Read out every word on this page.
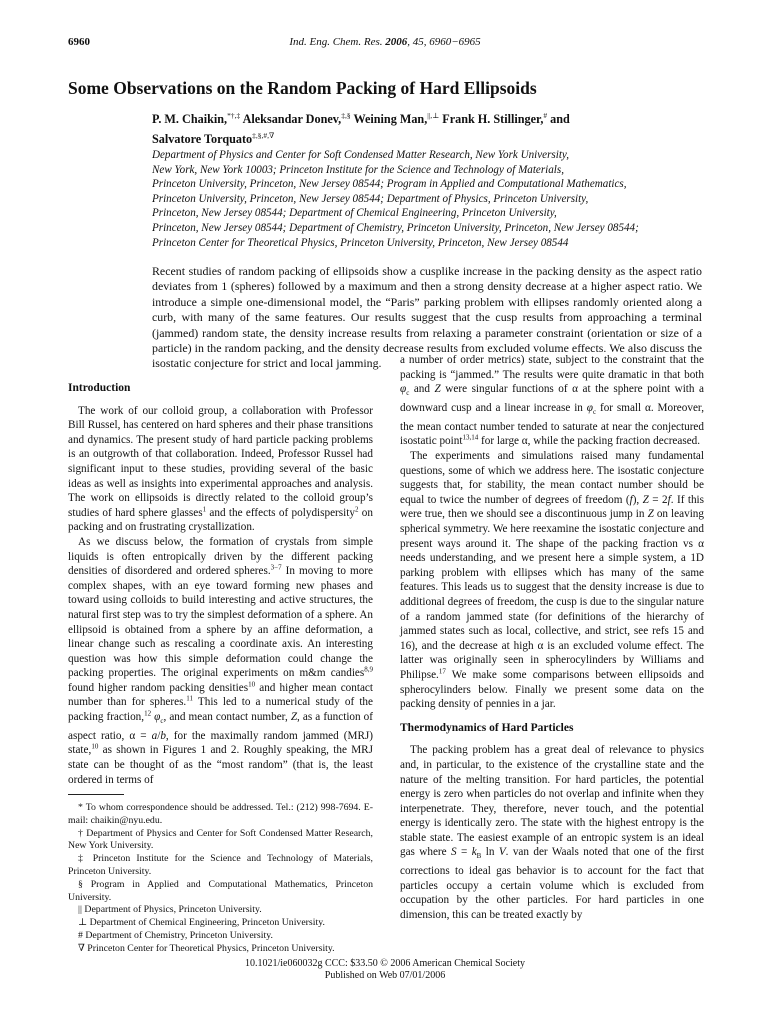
6960	Ind. Eng. Chem. Res. 2006, 45, 6960−6965
Some Observations on the Random Packing of Hard Ellipsoids
P. M. Chaikin,*†,‡ Aleksandar Donev,‡,§ Weining Man,||,⊥ Frank H. Stillinger,# and
Salvatore Torquato‡,§,#,∇
Department of Physics and Center for Soft Condensed Matter Research, New York University,
New York, New York 10003; Princeton Institute for the Science and Technology of Materials,
Princeton University, Princeton, New Jersey 08544; Program in Applied and Computational Mathematics,
Princeton University, Princeton, New Jersey 08544; Department of Physics, Princeton University,
Princeton, New Jersey 08544; Department of Chemical Engineering, Princeton University,
Princeton, New Jersey 08544; Department of Chemistry, Princeton University, Princeton, New Jersey 08544;
Princeton Center for Theoretical Physics, Princeton University, Princeton, New Jersey 08544
Recent studies of random packing of ellipsoids show a cusplike increase in the packing density as the aspect ratio deviates from 1 (spheres) followed by a maximum and then a strong density decrease at a higher aspect ratio. We introduce a simple one-dimensional model, the “Paris” parking problem with ellipses randomly oriented along a curb, with many of the same features. Our results suggest that the cusp results from approaching a terminal (jammed) random state, the density increase results from relaxing a parameter constraint (orientation or size of a particle) in the random packing, and the density decrease results from excluded volume effects. We also discuss the isostatic conjecture for strict and local jamming.
Introduction

The work of our colloid group, a collaboration with Professor Bill Russel, has centered on hard spheres and their phase transitions and dynamics. The present study of hard particle packing problems is an outgrowth of that collaboration. Indeed, Professor Russel had significant input to these studies, providing several of the basic ideas as well as insights into experimental approaches and analysis. The work on ellipsoids is directly related to the colloid group’s studies of hard sphere glasses$^1$ and the effects of polydispersity$^2$ on packing and on frustrating crystallization.

As we discuss below, the formation of crystals from simple liquids is often entropically driven by the different packing densities of disordered and ordered spheres.$^{3-7}$ In moving to more complex shapes, with an eye toward forming new phases and toward using colloids to build interesting and active structures, the natural first step was to try the simplest deformation of a sphere. An ellipsoid is obtained from a sphere by an affine deformation, a linear change such as rescaling a coordinate axis. An interesting question was how this simple deformation could change the packing properties. The original experiments on m&m candies$^{8,9}$ found higher random packing densities$^{10}$ and higher mean contact number than for spheres.$^{11}$ This led to a numerical study of the packing fraction,$^{12}$ $\varphi_c$, and mean contact number, Z, as a function of aspect ratio, α = a/b, for the maximally random jammed (MRJ) state,$^{10}$ as shown in Figures 1 and 2. Roughly speaking, the MRJ state can be thought of as the “most random” (that is, the least ordered in terms of

a number of order metrics) state, subject to the constraint that the packing is “jammed.” The results were quite dramatic in that both $\varphi_c$ and Z were singular functions of α at the sphere point with a downward cusp and a linear increase in $\varphi_c$ for small α. Moreover, the mean contact number tended to saturate at near the conjectured isostatic point$^{13,14}$ for large α, while the packing fraction decreased.

The experiments and simulations raised many fundamental questions, some of which we address here. The isostatic conjecture suggests that, for stability, the mean contact number should be equal to twice the number of degrees of freedom (f), Z = 2f. If this were true, then we should see a discontinuous jump in Z on leaving spherical symmetry. We here reexamine the isostatic conjecture and present ways around it. The shape of the packing fraction vs α needs understanding, and we present here a simple system, a 1D parking problem with ellipses which has many of the same features. This leads us to suggest that the density increase is due to additional degrees of freedom, the cusp is due to the singular nature of a random jammed state (for definitions of the hierarchy of jammed states such as local, collective, and strict, see refs 15 and 16), and the decrease at high α is an excluded volume effect. The latter was originally seen in spherocylinders by Williams and Philipse.$^{17}$ We make some comparisons between ellipsoids and spherocylinders below. Finally we present some data on the packing density of pennies in a jar.

Thermodynamics of Hard Particles

The packing problem has a great deal of relevance to physics and, in particular, to the existence of the crystalline state and the nature of the melting transition. For hard particles, the potential energy is zero when particles do not overlap and infinite when they interpenetrate. They, therefore, never touch, and the potential energy is identically zero. The state with the highest entropy is the stable state. The easiest example of an entropic system is an ideal gas where $S = k_B$ ln V. van der Waals noted that one of the first corrections to ideal gas behavior is to account for the fact that particles occupy a certain volume which is excluded from occupation by the other particles. For hard particles in one dimension, this can be treated exactly by

* To whom correspondence should be addressed. Tel.: (212) 998-7694. E-mail: chaikin@nyu.edu.

† Department of Physics and Center for Soft Condensed Matter Research, New York University.

‡ Princeton Institute for the Science and Technology of Materials, Princeton University.

§ Program in Applied and Computational Mathematics, Princeton University.

|| Department of Physics, Princeton University.

⊥ Department of Chemical Engineering, Princeton University.

# Department of Chemistry, Princeton University.

∇ Princeton Center for Theoretical Physics, Princeton University.

10.1021/ie060032g CCC: $33.50 © 2006 American Chemical Society
Published on Web 07/01/2006
